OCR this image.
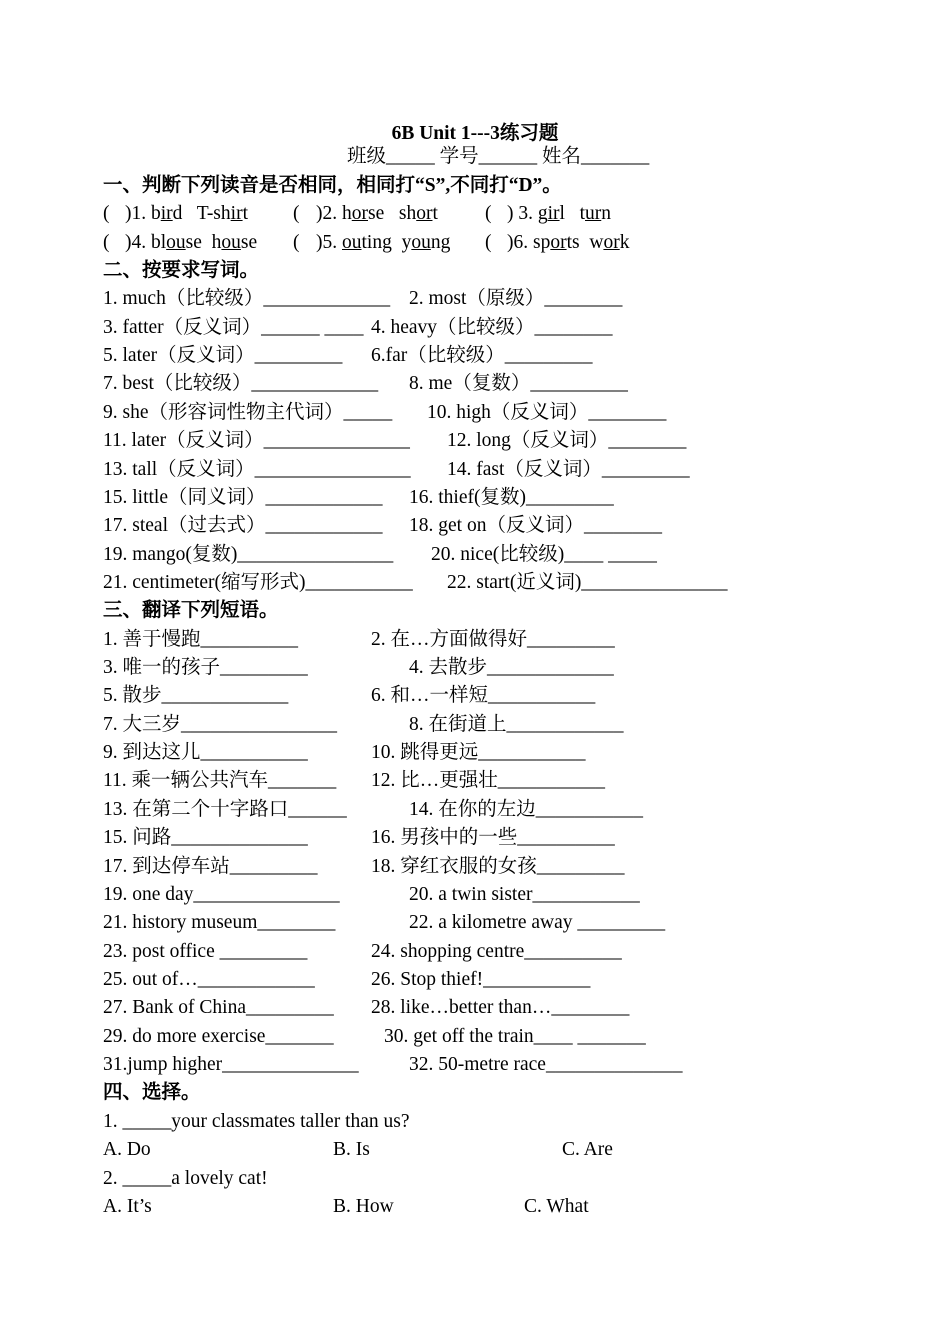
6B Unit 1---3练习题
班级_____ 学号______ 姓名_______
一、判断下列读音是否相同，相同打“S”,不同打“D”。
( )1. bird   T-shirt ( )2. horse   short ( ) 3. girl   turn
( )4. blouse  house ( )5. outing  young ( )6. sports  work
二、按要求写词。
1. much（比较级）_____________ 2. most（原级）________
3. fatter（反义词）______ ____ 4. heavy（比较级）________
5. later（反义词）_________ 6.far（比较级）_________
7. best（比较级）_____________ 8. me（复数）__________
9. she（形容词性物主代词）_____ 10. high（反义词）________
11. later（反义词）_______________ 12. long（反义词）________
13. tall（反义词）________________ 14. fast（反义词）_________
15. little（同义词）____________ 16. thief(复数)_________
17. steal（过去式）____________ 18. get on（反义词）________
19. mango(复数)________________ 20. nice(比较级)____ _____
21. centimeter(缩写形式)___________ 22. start(近义词)_______________
三、翻译下列短语。
1. 善于慢跑__________	2. 在…方面做得好_________
3. 唯一的孩子_________	4. 去散步_____________
5. 散步_____________	6. 和…一样短___________
7. 大三岁________________	8. 在街道上____________
9. 到达这儿___________	10. 跳得更远___________
11. 乘一辆公共汽车_______ 12. 比…更强壮___________
13. 在第二个十字路口______	14. 在你的左边___________
15. 问路______________	16. 男孩中的一些__________
17. 到达停车站_________	18. 穿红衣服的女孩_________
19. one day_______________	20. a twin sister___________
21. history museum________	22. a kilometre away _________
23. post office _________	24. shopping centre__________
25. out of…____________	26. Stop thief!___________
27. Bank of China_________ 28. like…better than…________
29. do more exercise_______	30. get off the train____ _______
31.jump higher______________	32. 50-metre race______________
四、选择。
1. _____your classmates taller than us?
A. Do	B. Is	C. Are
2. _____a lovely cat!
A. It’s	B. How	C. What
